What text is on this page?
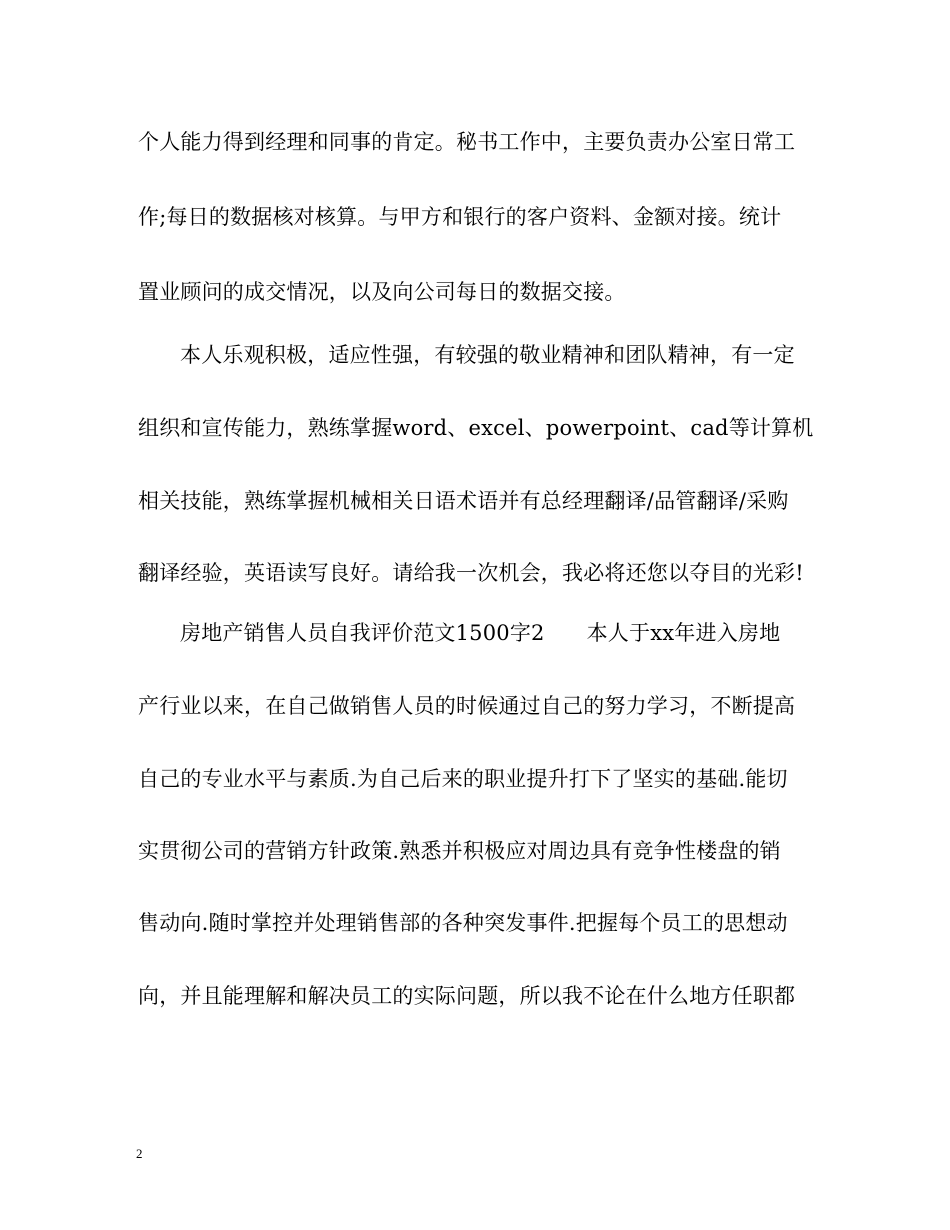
个人能力得到经理和同事的肯定。秘书工作中，主要负责办公室日常工
作;每日的数据核对核算。与甲方和银行的客户资料、金额对接。统计
置业顾问的成交情况，以及向公司每日的数据交接。
本人乐观积极，适应性强，有较强的敬业精神和团队精神，有一定
组织和宣传能力，熟练掌握word、excel、powerpoint、cad等计算机
相关技能，熟练掌握机械相关日语术语并有总经理翻译/品管翻译/采购
翻译经验，英语读写良好。请给我一次机会，我必将还您以夺目的光彩!
房地产销售人员自我评价范文1500字2 本人于xx年进入房地
产行业以来，在自己做销售人员的时候通过自己的努力学习，不断提高
自己的专业水平与素质.为自己后来的职业提升打下了坚实的基础.能切
实贯彻公司的营销方针政策.熟悉并积极应对周边具有竞争性楼盘的销
售动向.随时掌控并处理销售部的各种突发事件.把握每个员工的思想动
向，并且能理解和解决员工的实际问题，所以我不论在什么地方任职都
2
